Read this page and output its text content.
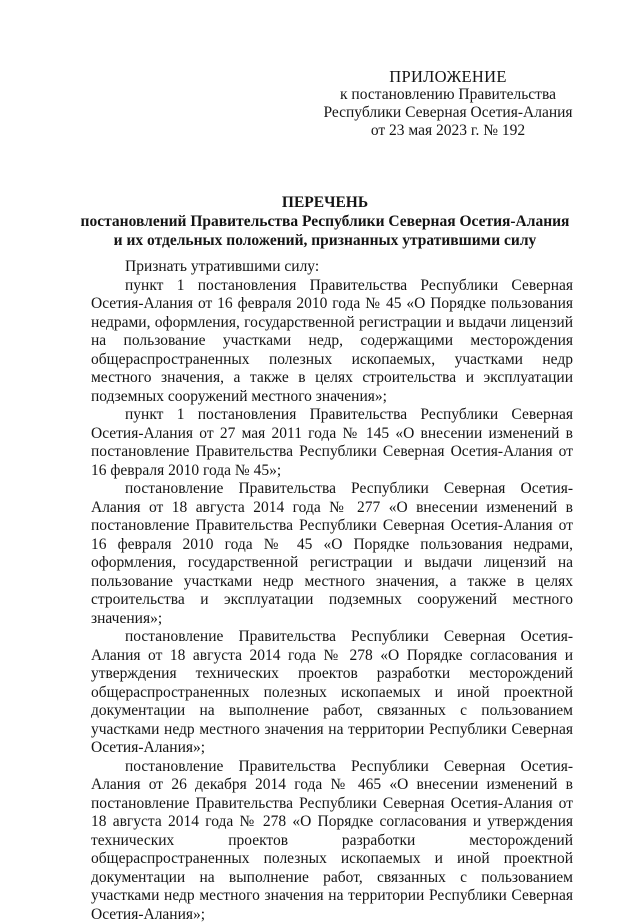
ПРИЛОЖЕНИЕ
к постановлению Правительства
Республики Северная Осетия-Алания
от 23 мая 2023 г. № 192
ПЕРЕЧЕНЬ
постановлений Правительства Республики Северная Осетия-Алания
и их отдельных положений, признанных утратившими силу

Признать утратившими силу:

пункт 1 постановления Правительства Республики Северная Осетия-Алания от 16 февраля 2010 года № 45 «О Порядке пользования недрами, оформления, государственной регистрации и выдачи лицензий на пользование участками недр, содержащими месторождения общераспространенных полезных ископаемых, участками недр местного значения, а также в целях строительства и эксплуатации подземных сооружений местного значения»;

пункт 1 постановления Правительства Республики Северная Осетия-Алания от 27 мая 2011 года № 145 «О внесении изменений в постановление Правительства Республики Северная Осетия-Алания от 16 февраля 2010 года № 45»;

постановление Правительства Республики Северная Осетия-Алания от 18 августа 2014 года № 277 «О внесении изменений в постановление Правительства Республики Северная Осетия-Алания от 16 февраля 2010 года № 45 «О Порядке пользования недрами, оформления, государственной регистрации и выдачи лицензий на пользование участками недр местного значения, а также в целях строительства и эксплуатации подземных сооружений местного значения»;

постановление Правительства Республики Северная Осетия-Алания от 18 августа 2014 года № 278 «О Порядке согласования и утверждения технических проектов разработки месторождений общераспространенных полезных ископаемых и иной проектной документации на выполнение работ, связанных с пользованием участками недр местного значения на территории Республики Северная Осетия-Алания»;

постановление Правительства Республики Северная Осетия-Алания от 26 декабря 2014 года № 465 «О внесении изменений в постановление Правительства Республики Северная Осетия-Алания от 18 августа 2014 года № 278 «О Порядке согласования и утверждения технических проектов разработки месторождений общераспространенных полезных ископаемых и иной проектной документации на выполнение работ, связанных с пользованием участками недр местного значения на территории Республики Северная Осетия-Алания»;
